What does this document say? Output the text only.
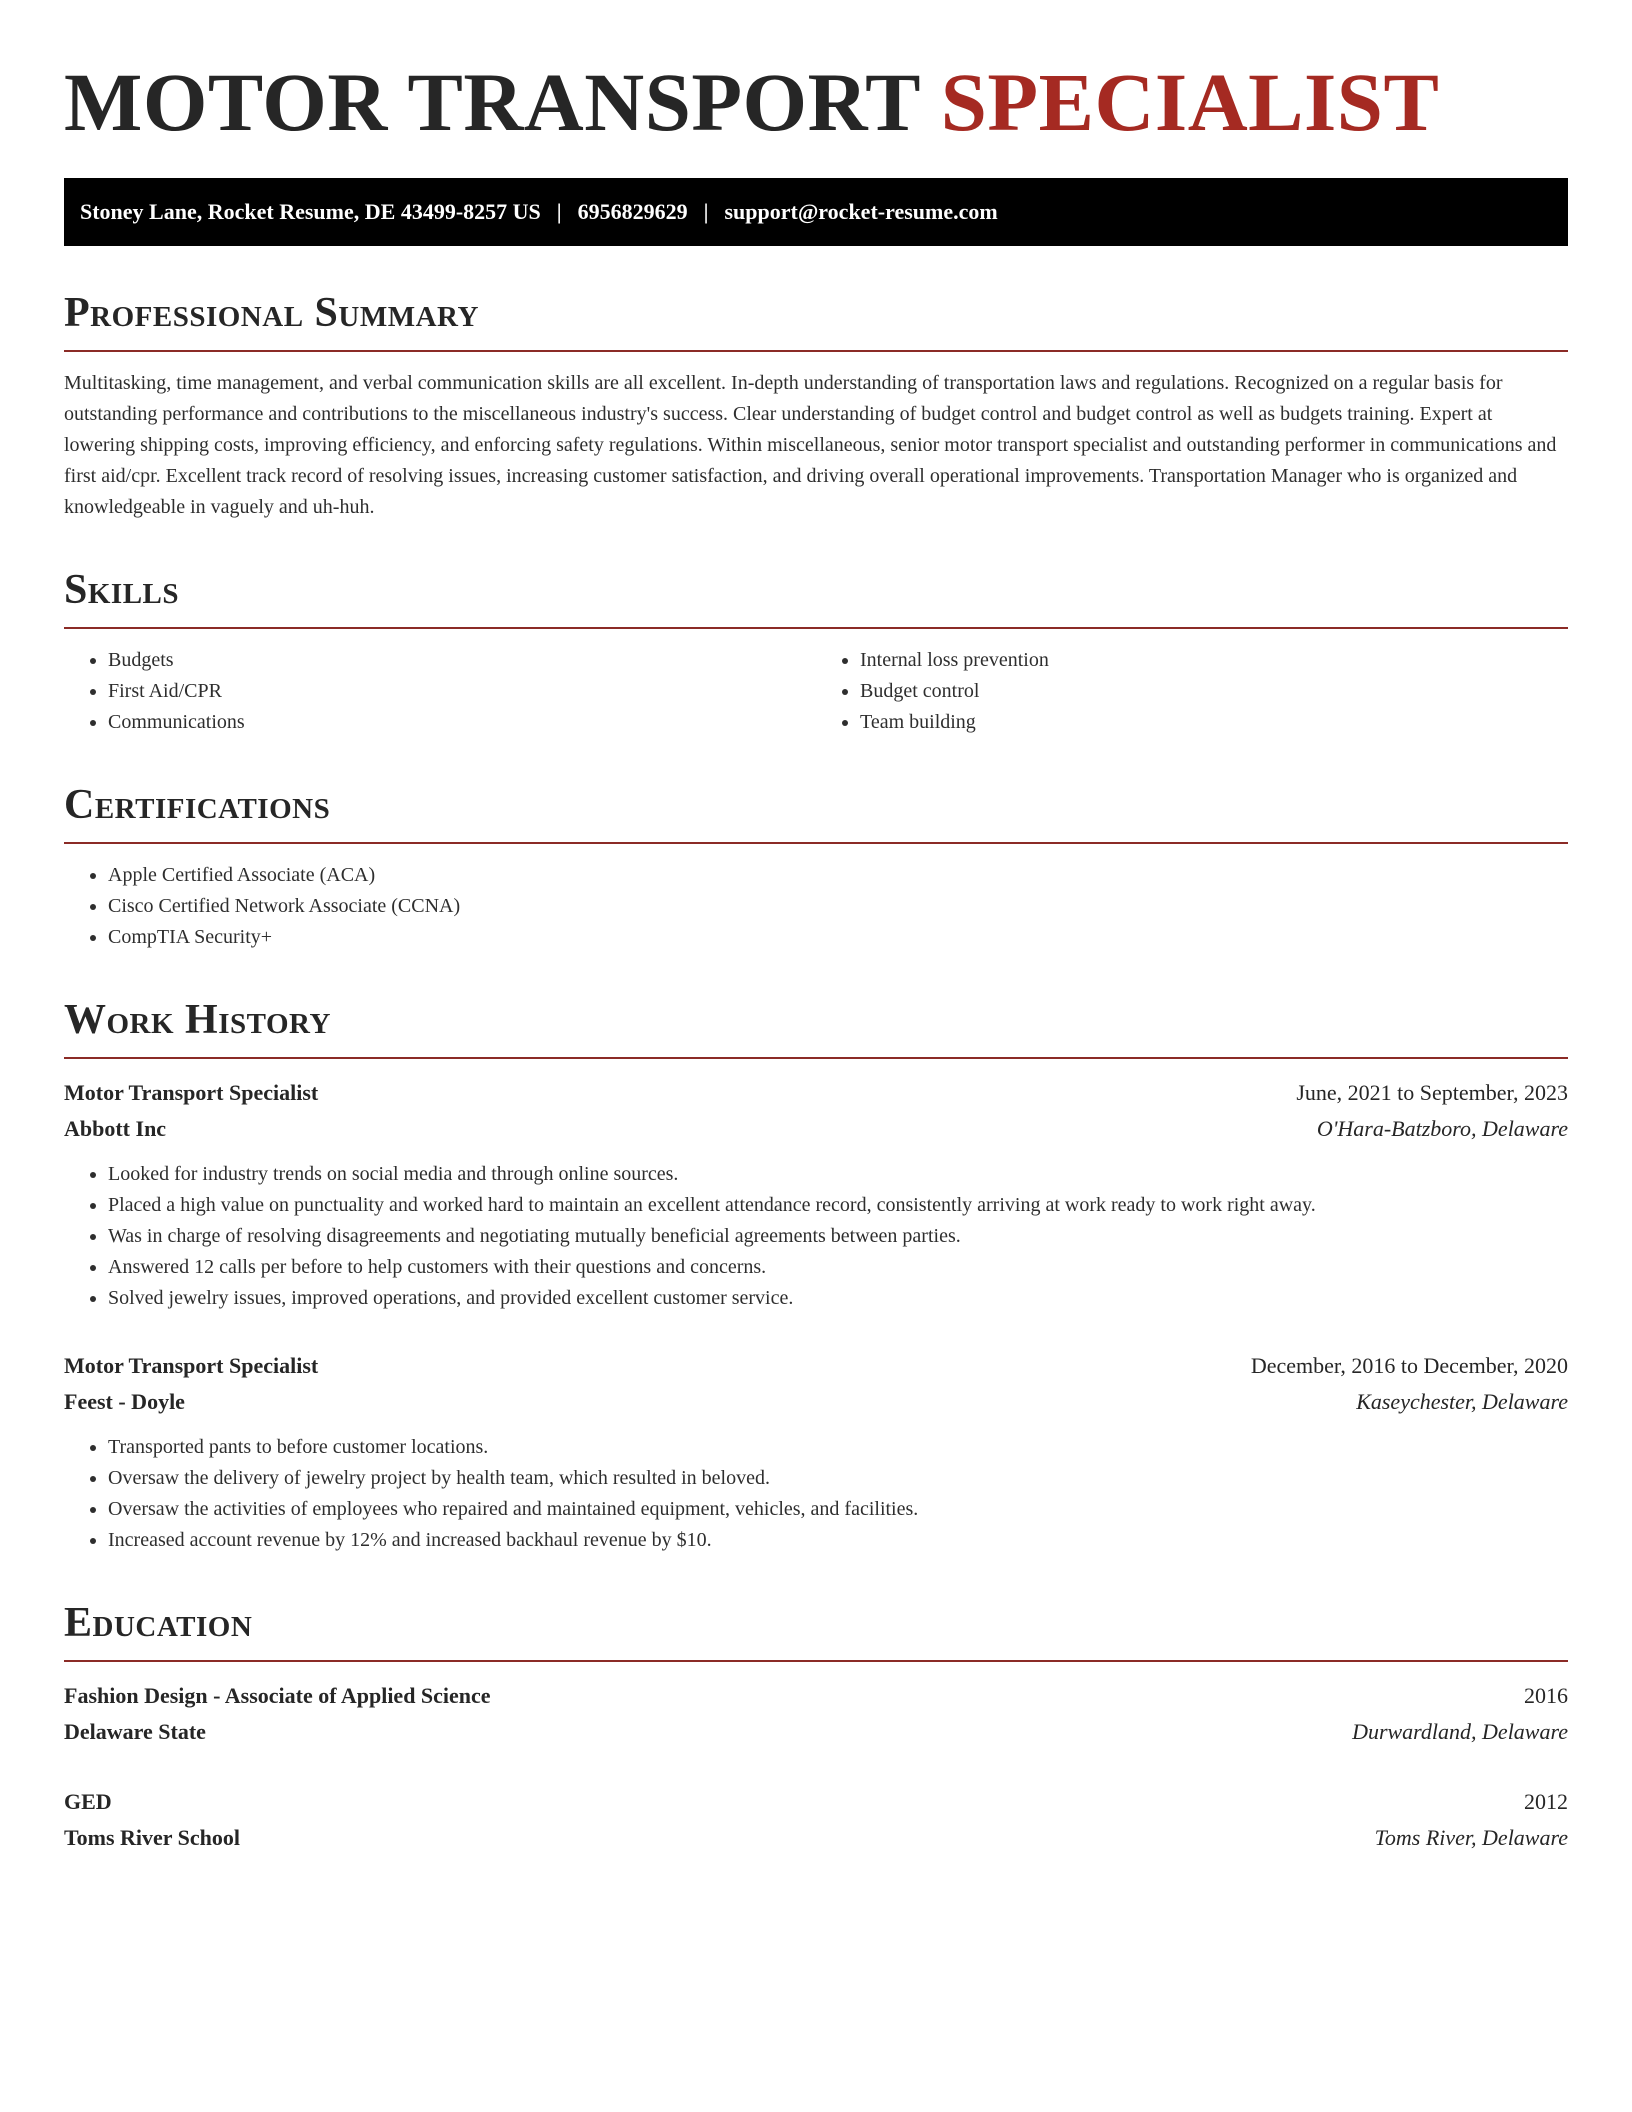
MOTOR TRANSPORT SPECIALIST
Stoney Lane, Rocket Resume, DE 43499-8257 US | 6956829629 | support@rocket-resume.com
Professional Summary

Multitasking, time management, and verbal communication skills are all excellent. In-depth understanding of transportation laws and regulations. Recognized on a regular basis for outstanding performance and contributions to the miscellaneous industry's success. Clear understanding of budget control and budget control as well as budgets training. Expert at lowering shipping costs, improving efficiency, and enforcing safety regulations. Within miscellaneous, senior motor transport specialist and outstanding performer in communications and first aid/cpr. Excellent track record of resolving issues, increasing customer satisfaction, and driving overall operational improvements. Transportation Manager who is organized and knowledgeable in vaguely and uh-huh.

Skills
• Budgets
• First Aid/CPR
• Communications
• Internal loss prevention
• Budget control
• Team building
Certifications
• Apple Certified Associate (ACA)
• Cisco Certified Network Associate (CCNA)
• CompTIA Security+
Work History
Motor Transport Specialist	June, 2021 to September, 2023
Abbott Inc	O'Hara-Batzboro, Delaware
• Looked for industry trends on social media and through online sources.
• Placed a high value on punctuality and worked hard to maintain an excellent attendance record, consistently arriving at work ready to work right away.
• Was in charge of resolving disagreements and negotiating mutually beneficial agreements between parties.
• Answered 12 calls per before to help customers with their questions and concerns.
• Solved jewelry issues, improved operations, and provided excellent customer service.
Motor Transport Specialist	December, 2016 to December, 2020
Feest - Doyle	Kaseychester, Delaware
• Transported pants to before customer locations.
• Oversaw the delivery of jewelry project by health team, which resulted in beloved.
• Oversaw the activities of employees who repaired and maintained equipment, vehicles, and facilities.
• Increased account revenue by 12% and increased backhaul revenue by $10.
Education
Fashion Design - Associate of Applied Science	2016
Delaware State	Durwardland, Delaware
GED	2012
Toms River School	Toms River, Delaware
